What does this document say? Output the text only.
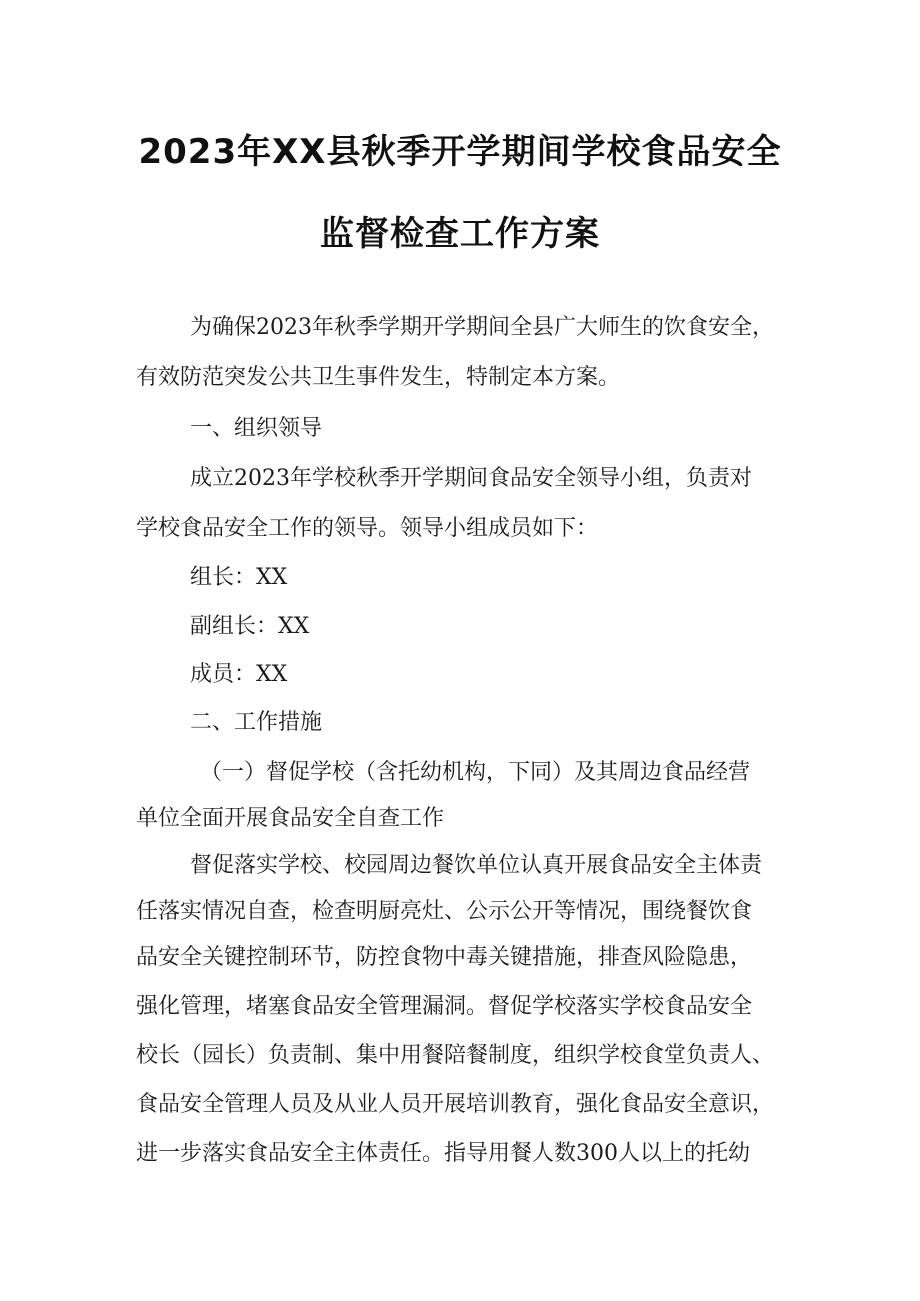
2023年XX县秋季开学期间学校食品安全
监督检查工作方案
为确保2023年秋季学期开学期间全县广大师生的饮食安全，
有效防范突发公共卫生事件发生，特制定本方案。
一、组织领导
成立2023年学校秋季开学期间食品安全领导小组，负责对
学校食品安全工作的领导。领导小组成员如下：
组长：XX
副组长：XX
成员：XX
二、工作措施
（一）督促学校（含托幼机构，下同）及其周边食品经营
单位全面开展食品安全自查工作
督促落实学校、校园周边餐饮单位认真开展食品安全主体责
任落实情况自查，检查明厨亮灶、公示公开等情况，围绕餐饮食
品安全关键控制环节，防控食物中毒关键措施，排查风险隐患，
强化管理，堵塞食品安全管理漏洞。督促学校落实学校食品安全
校长（园长）负责制、集中用餐陪餐制度，组织学校食堂负责人、
食品安全管理人员及从业人员开展培训教育，强化食品安全意识，
进一步落实食品安全主体责任。指导用餐人数300人以上的托幼
